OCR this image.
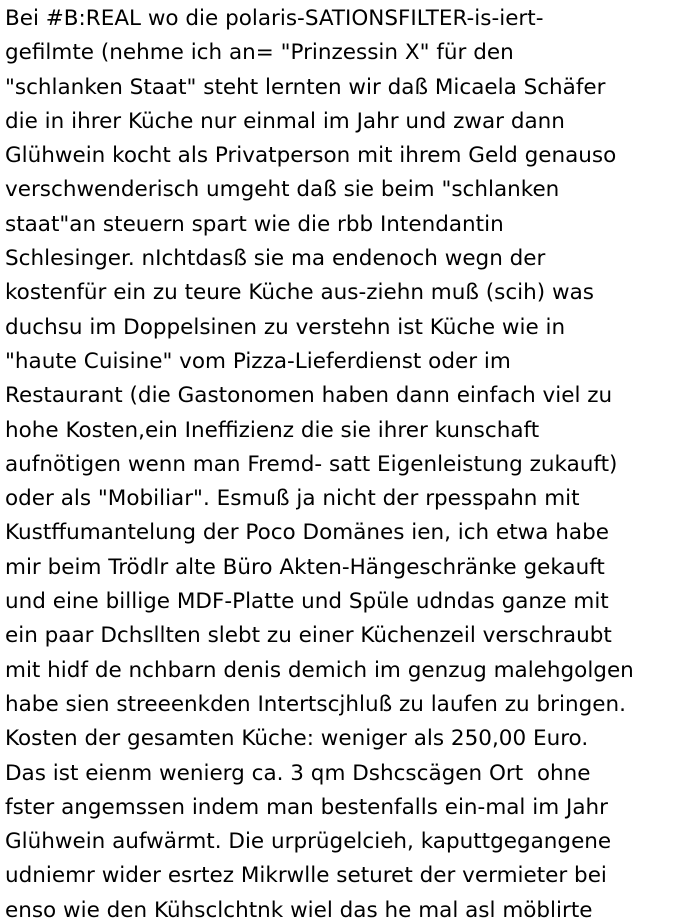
Bei #B:REAL wo die polaris-SATIONSFILTER-is-iert-
gefilmte (nehme ich an= "Prinzessin X" für den
"schlanken Staat" steht lernten wir daß Micaela Schäfer
die in ihrer Küche nur einmal im Jahr und zwar dann
Glühwein kocht als Privatperson mit ihrem Geld genauso
verschwenderisch umgeht daß sie beim "schlanken
staat"an steuern spart wie die rbb Intendantin
Schlesinger. nIchtdasß sie ma endenoch wegn der
kostenfür ein zu teure Küche aus-ziehn muß (scih) was
duchsu im Doppelsinen zu verstehn ist Küche wie in
"haute Cuisine" vom Pizza-Lieferdienst oder im
Restaurant (die Gastonomen haben dann einfach viel zu
hohe Kosten,ein Ineffizienz die sie ihrer kunschaft
aufnötigen wenn man Fremd- satt Eigenleistung zukauft)
oder als "Mobiliar". Esmuß ja nicht der rpesspahn mit
Kustffumantelung der Poco Domänes ien, ich etwa habe
mir beim Trödlr alte Büro Akten-Hängeschränke gekauft
und eine billige MDF-Platte und Spüle udndas ganze mit
ein paar Dchsllten slebt zu einer Küchenzeil verschraubt
mit hidf de nchbarn denis demich im genzug malehgolgen
habe sien streeenkden Intertscjhluß zu laufen zu bringen.
Kosten der gesamten Küche: weniger als 250,00 Euro.
Das ist eienm wenierg ca. 3 qm Dshcscägen Ort  ohne
fster angemssen indem man bestenfalls ein-mal im Jahr
Glühwein aufwärmt. Die urprügelcieh, kaputtgegangene
udniemr wider esrtez Mikrwlle seturet der vermieter bei
enso wie den Kühsclchtnk wiel das he mal asl möblirte
